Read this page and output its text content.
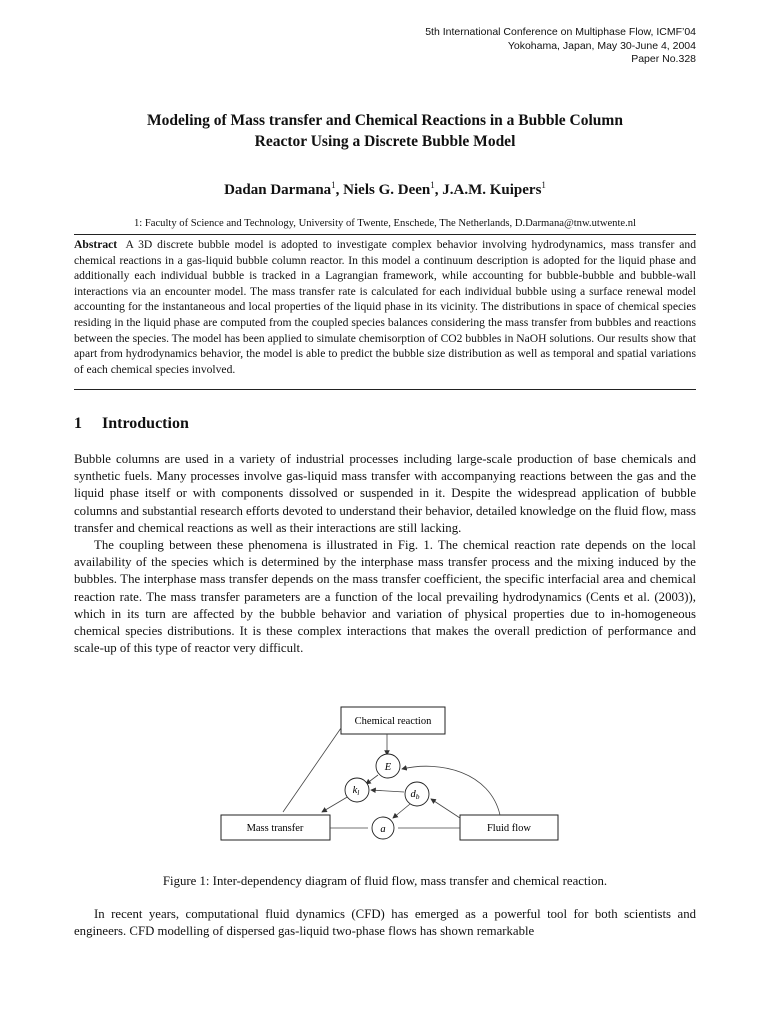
5th International Conference on Multiphase Flow, ICMF’04
Yokohama, Japan, May 30-June 4, 2004
Paper No.328
Modeling of Mass transfer and Chemical Reactions in a Bubble Column
Reactor Using a Discrete Bubble Model
Dadan Darmana$^1$, Niels G. Deen$^1$, J.A.M. Kuipers$^1$
1: Faculty of Science and Technology, University of Twente, Enschede, The Netherlands, D.Darmana@tnw.utwente.nl
Abstract A 3D discrete bubble model is adopted to investigate complex behavior involving hydrodynamics, mass transfer and chemical reactions in a gas-liquid bubble column reactor. In this model a continuum description is adopted for the liquid phase and additionally each individual bubble is tracked in a Lagrangian framework, while accounting for bubble-bubble and bubble-wall interactions via an encounter model. The mass transfer rate is calculated for each individual bubble using a surface renewal model accounting for the instantaneous and local properties of the liquid phase in its vicinity. The distributions in space of chemical species residing in the liquid phase are computed from the coupled species balances considering the mass transfer from bubbles and reactions between the species. The model has been applied to simulate chemisorption of CO2 bubbles in NaOH solutions. Our results show that apart from hydrodynamics behavior, the model is able to predict the bubble size distribution as well as temporal and spatial variations of each chemical species involved.
1 Introduction

Bubble columns are used in a variety of industrial processes including large-scale production of base chemicals and synthetic fuels. Many processes involve gas-liquid mass transfer with accompanying reactions between the gas and the liquid phase itself or with components dissolved or suspended in it. Despite the widespread application of bubble columns and substantial research efforts devoted to understand their behavior, detailed knowledge on the fluid flow, mass transfer and chemical reactions as well as their interactions are still lacking.

The coupling between these phenomena is illustrated in Fig. 1. The chemical reaction rate depends on the local availability of the species which is determined by the interphase mass transfer process and the mixing induced by the bubbles. The interphase mass transfer depends on the mass transfer coefficient, the specific interfacial area and chemical reaction rate. The mass transfer parameters are a function of the local prevailing hydrodynamics (Cents et al. (2003)), which in its turn are affected by the bubble behavior and variation of physical properties due to in-homogeneous chemical species distributions. It is these complex interactions that makes the overall prediction of performance and scale-up of this type of reactor very difficult.

Chemical reaction
Mass transfer	Fluid flow
E
kl	db
a
Figure 1: Inter-dependency diagram of fluid flow, mass transfer and chemical reaction.

In recent years, computational fluid dynamics (CFD) has emerged as a powerful tool for both scientists and engineers. CFD modelling of dispersed gas-liquid two-phase flows has shown remarkable
